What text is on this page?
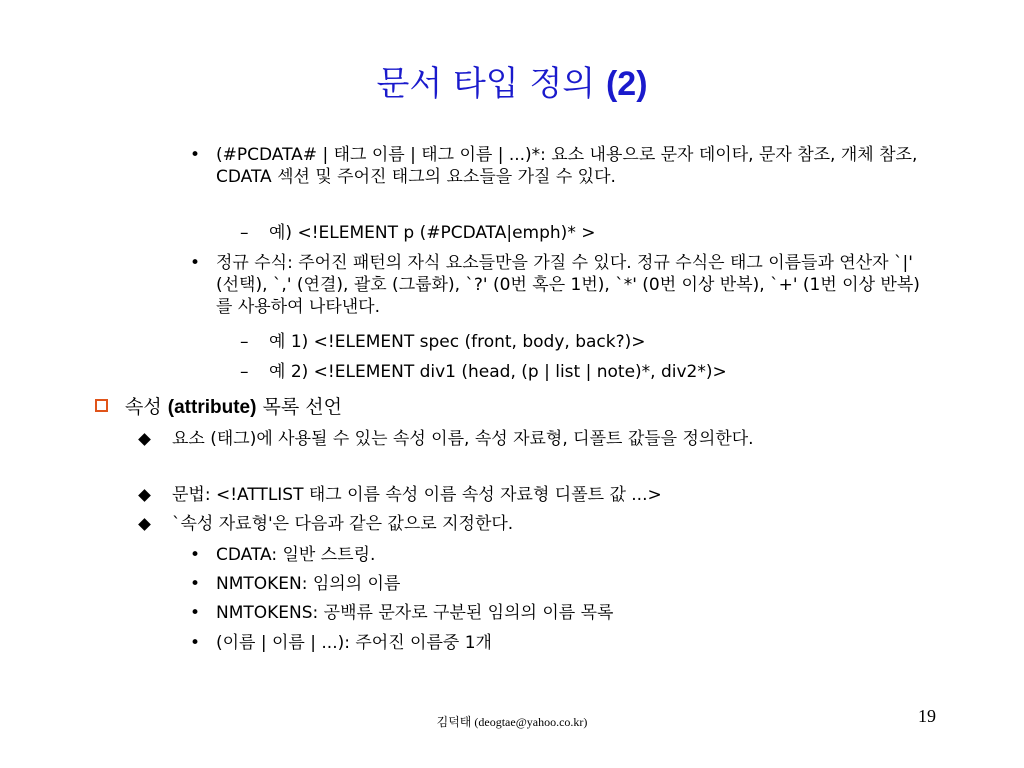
문서 타입 정의 (2)
• (#PCDATA# | 태그 이름 | 태그 이름 | ...)*: 요소 내용으로 문자 데이타, 문자 참조, 개체 참조, CDATA 섹션 및 주어진 태그의 요소들을 가질 수 있다.
– 예) <!ELEMENT p (#PCDATA|emph)* >
• 정규 수식: 주어진 패턴의 자식 요소들만을 가질 수 있다. 정규 수식은 태그 이름들과 연산자 `|' (선택), `,' (연결), 괄호 (그룹화), `?' (0번 혹은 1번), `*' (0번 이상 반복), `+' (1번 이상 반복)를 사용하여 나타낸다.
– 예 1) <!ELEMENT spec (front, body, back?)>
– 예 2) <!ELEMENT div1 (head, (p | list | note)*, div2*)>
속성 (attribute) 목록 선언
요소 (태그)에 사용될 수 있는 속성 이름, 속성 자료형, 디폴트 값들을 정의한다.
문법: <!ATTLIST 태그 이름 속성 이름 속성 자료형 디폴트 값 ...>
`속성 자료형'은 다음과 같은 값으로 지정한다.
• CDATA: 일반 스트링.
• NMTOKEN: 임의의 이름
• NMTOKENS: 공백류 문자로 구분된 임의의 이름 목록
• (이름 | 이름 | ...): 주어진 이름중 1개
김덕태 (deogtae@yahoo.co.kr)	19
